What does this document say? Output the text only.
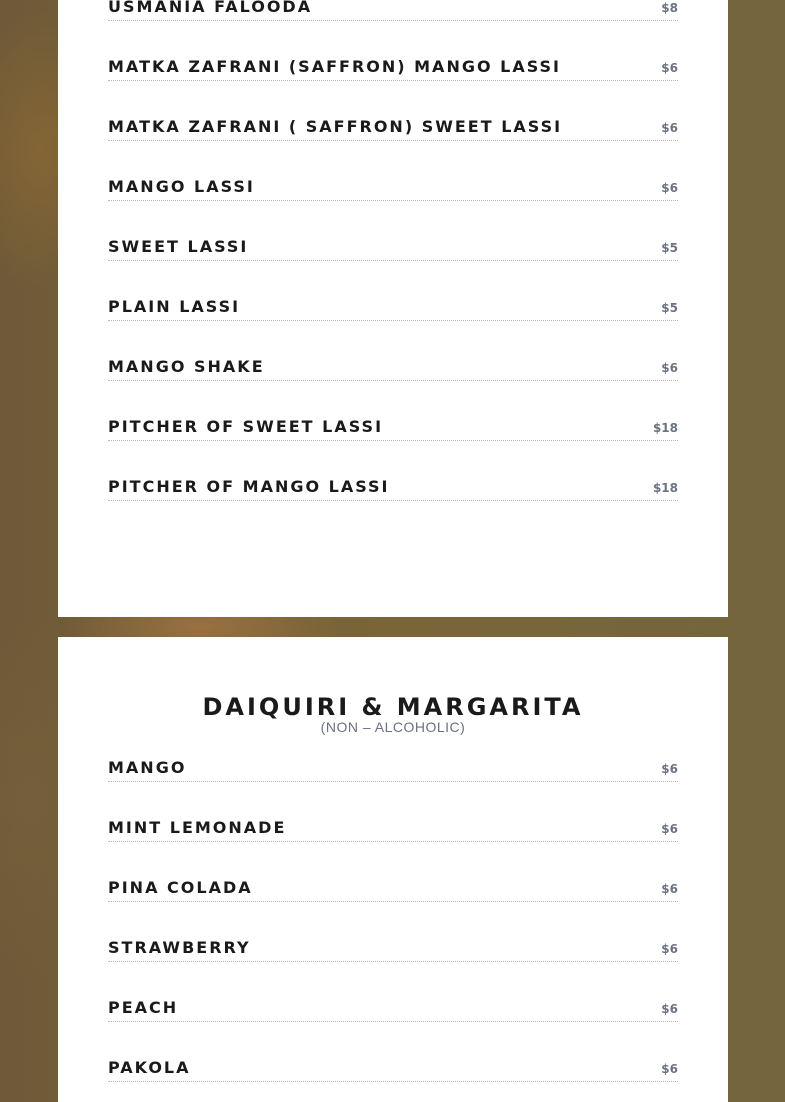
USMANIA FALOODA	$8
MATKA ZAFRANI (SAFFRON) MANGO LASSI	$6
MATKA ZAFRANI ( SAFFRON) SWEET LASSI	$6
MANGO LASSI	$6
SWEET LASSI	$5
PLAIN LASSI	$5
MANGO SHAKE	$6
PITCHER OF SWEET LASSI	$18
PITCHER OF MANGO LASSI	$18
DAIQUIRI & MARGARITA
(NON – ALCOHOLIC)
MANGO	$6
MINT LEMONADE	$6
PINA COLADA	$6
STRAWBERRY	$6
PEACH	$6
PAKOLA	$6
